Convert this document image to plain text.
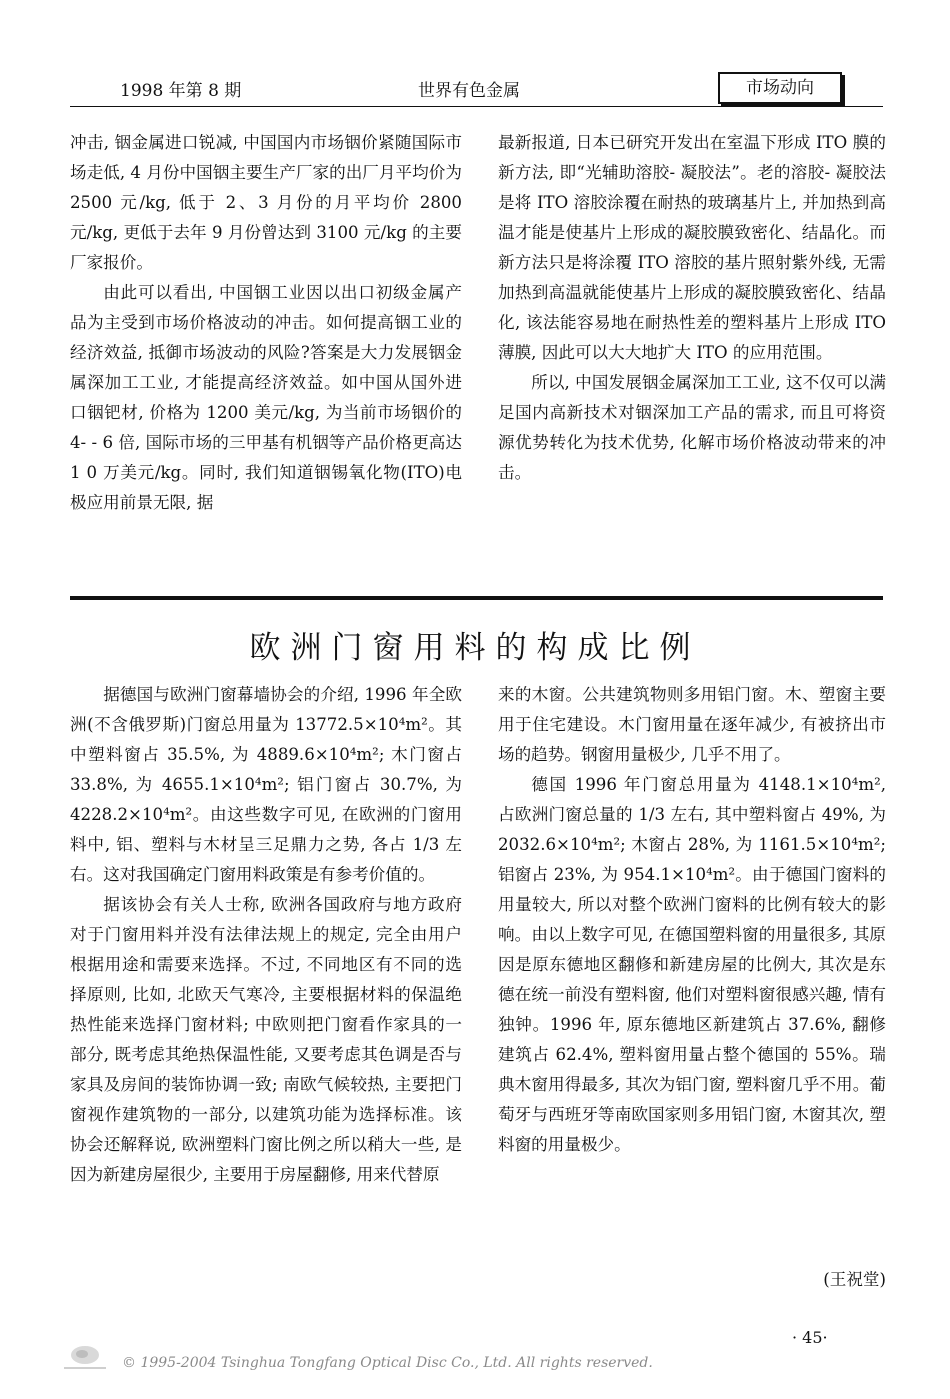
1998 年第 8 期	世界有色金属	市场动向

冲击, 铟金属进口锐减, 中国国内市场铟价紧随国际市场走低, 4 月份中国铟主要生产厂家的出厂月平均价为 2500 元/kg, 低于 2、3 月份的月平均价 2800 元/kg, 更低于去年 9 月份曾达到 3100 元/kg 的主要厂家报价。

由此可以看出, 中国铟工业因以出口初级金属产品为主受到市场价格波动的冲击。如何提高铟工业的经济效益, 抵御市场波动的风险?答案是大力发展铟金属深加工工业, 才能提高经济效益。如中国从国外进口铟钯材, 价格为 1200 美元/kg, 为当前市场铟价的 4- - 6 倍, 国际市场的三甲基有机铟等产品价格更高达 1 0 万美元/kg。同时, 我们知道铟锡氧化物(ITO)电极应用前景无限, 据

最新报道, 日本已研究开发出在室温下形成 ITO 膜的新方法, 即“光辅助溶胶- 凝胶法”。老的溶胶- 凝胶法是将 ITO 溶胶涂覆在耐热的玻璃基片上, 并加热到高温才能是使基片上形成的凝胶膜致密化、结晶化。而新方法只是将涂覆 ITO 溶胶的基片照射紫外线, 无需加热到高温就能使基片上形成的凝胶膜致密化、结晶化, 该法能容易地在耐热性差的塑料基片上形成 ITO 薄膜, 因此可以大大地扩大 ITO 的应用范围。

所以, 中国发展铟金属深加工工业, 这不仅可以满足国内高新技术对铟深加工产品的需求, 而且可将资源优势转化为技术优势, 化解市场价格波动带来的冲击。

欧洲门窗用料的构成比例

据德国与欧洲门窗幕墙协会的介绍, 1996 年全欧洲(不含俄罗斯)门窗总用量为 13772.5×10⁴m²。其中塑料窗占 35.5%, 为 4889.6×10⁴m²; 木门窗占 33.8%, 为 4655.1×10⁴m²; 铝门窗占 30.7%, 为 4228.2×10⁴m²。由这些数字可见, 在欧洲的门窗用料中, 铝、塑料与木材呈三足鼎力之势, 各占 1/3 左右。这对我国确定门窗用料政策是有参考价值的。

据该协会有关人士称, 欧洲各国政府与地方政府对于门窗用料并没有法律法规上的规定, 完全由用户根据用途和需要来选择。不过, 不同地区有不同的选择原则, 比如, 北欧天气寒冷, 主要根据材料的保温绝热性能来选择门窗材料; 中欧则把门窗看作家具的一部分, 既考虑其绝热保温性能, 又要考虑其色调是否与家具及房间的装饰协调一致; 南欧气候较热, 主要把门窗视作建筑物的一部分, 以建筑功能为选择标准。该协会还解释说, 欧洲塑料门窗比例之所以稍大一些, 是因为新建房屋很少, 主要用于房屋翻修, 用来代替原

来的木窗。公共建筑物则多用铝门窗。木、塑窗主要用于住宅建设。木门窗用量在逐年减少, 有被挤出市场的趋势。钢窗用量极少, 几乎不用了。

德国 1996 年门窗总用量为 4148.1×10⁴m², 占欧洲门窗总量的 1/3 左右, 其中塑料窗占 49%, 为 2032.6×10⁴m²; 木窗占 28%, 为 1161.5×10⁴m²; 铝窗占 23%, 为 954.1×10⁴m²。由于德国门窗料的用量较大, 所以对整个欧洲门窗料的比例有较大的影响。由以上数字可见, 在德国塑料窗的用量很多, 其原因是原东德地区翻修和新建房屋的比例大, 其次是东德在统一前没有塑料窗, 他们对塑料窗很感兴趣, 情有独钟。1996 年, 原东德地区新建筑占 37.6%, 翻修建筑占 62.4%, 塑料窗用量占整个德国的 55%。瑞典木窗用得最多, 其次为铝门窗, 塑料窗几乎不用。葡萄牙与西班牙等南欧国家则多用铝门窗, 木窗其次, 塑料窗的用量极少。

(王祝堂)
· 45·
© 1995-2004 Tsinghua Tongfang Optical Disc Co., Ltd. All rights reserved.
